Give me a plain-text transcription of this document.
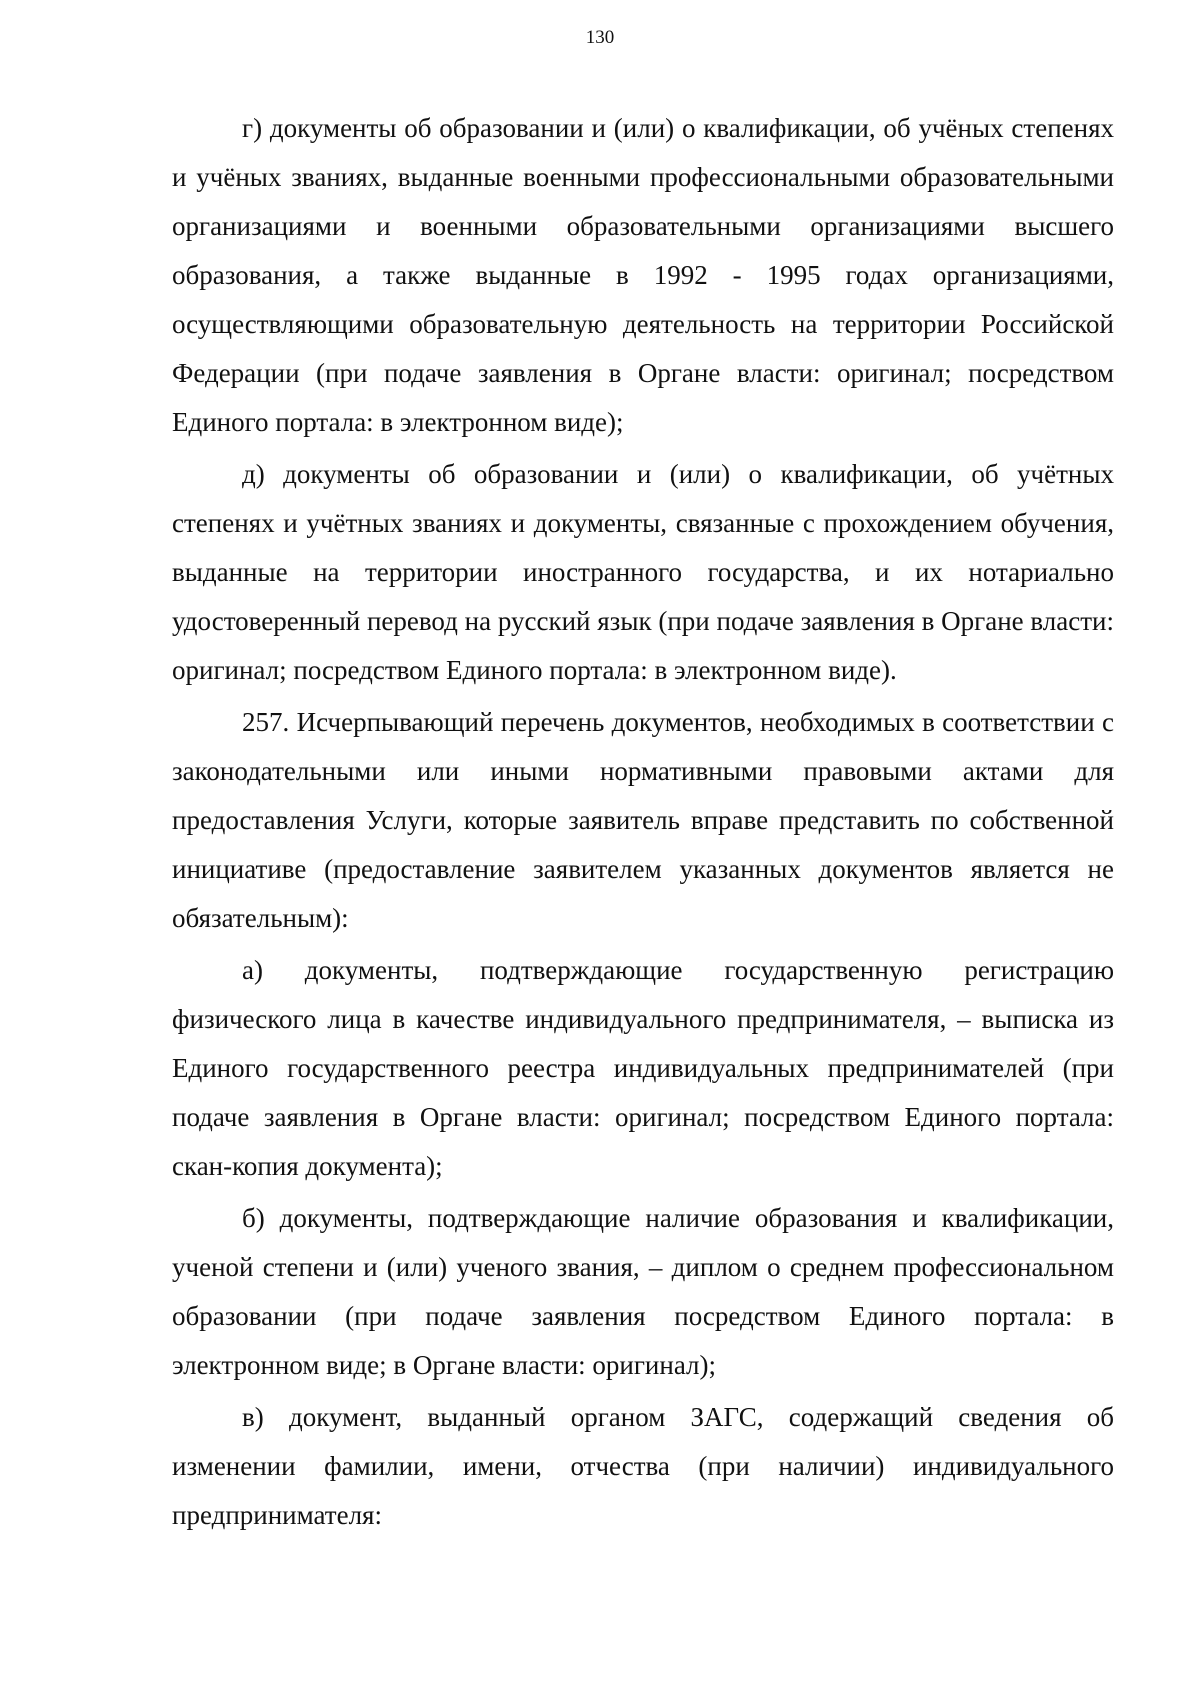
130

г) документы об образовании и (или) о квалификации, об учёных степенях и учёных званиях, выданные военными профессиональными образовательными организациями и военными образовательными организациями высшего образования, а также выданные в 1992 - 1995 годах организациями, осуществляющими образовательную деятельность на территории Российской Федерации (при подаче заявления в Органе власти: оригинал; посредством Единого портала: в электронном виде);

д) документы об образовании и (или) о квалификации, об учётных степенях и учётных званиях и документы, связанные с прохождением обучения, выданные на территории иностранного государства, и их нотариально удостоверенный перевод на русский язык (при подаче заявления в Органе власти: оригинал; посредством Единого портала: в электронном виде).

257. Исчерпывающий перечень документов, необходимых в соответствии с законодательными или иными нормативными правовыми актами для предоставления Услуги, которые заявитель вправе представить по собственной инициативе (предоставление заявителем указанных документов является не обязательным):

а) документы, подтверждающие государственную регистрацию физического лица в качестве индивидуального предпринимателя, – выписка из Единого государственного реестра индивидуальных предпринимателей (при подаче заявления в Органе власти: оригинал; посредством Единого портала: скан-копия документа);

б) документы, подтверждающие наличие образования и квалификации, ученой степени и (или) ученого звания, – диплом о среднем профессиональном образовании (при подаче заявления посредством Единого портала: в электронном виде; в Органе власти: оригинал);

в) документ, выданный органом ЗАГС, содержащий сведения об изменении фамилии, имени, отчества (при наличии) индивидуального предпринимателя:
